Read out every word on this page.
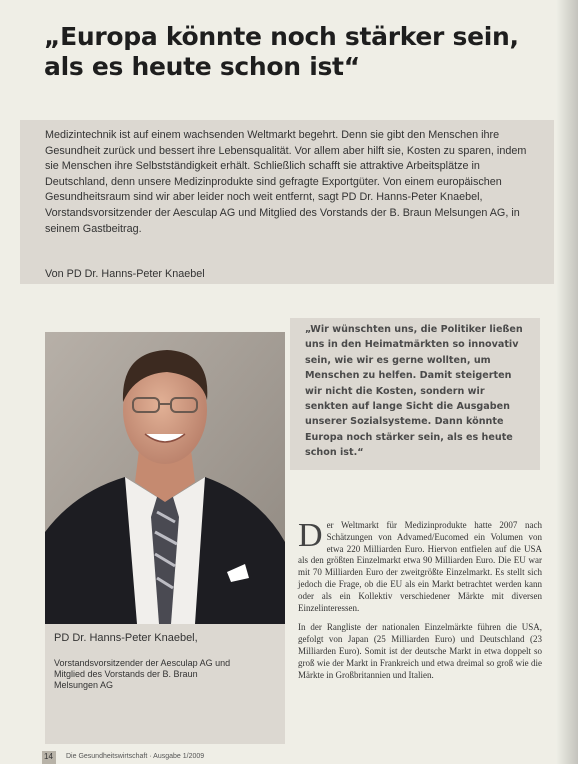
„Europa könnte noch stärker sein,
als es heute schon ist“

Medizintechnik ist auf einem wachsenden Weltmarkt begehrt. Denn sie gibt den Menschen ihre Gesundheit zurück und bessert ihre Lebensqualität. Vor allem aber hilft sie, Kosten zu sparen, indem sie Menschen ihre Selbstständigkeit erhält. Schließlich schafft sie attraktive Arbeitsplätze in Deutschland, denn unsere Medizinprodukte sind gefragte Exportgüter. Von einem europäischen Gesundheitsraum sind wir aber leider noch weit entfernt, sagt PD Dr. Hanns-Peter Knaebel, Vorstandsvorsitzender der Aesculap AG und Mitglied des Vorstands der B. Braun Melsungen AG, in seinem Gastbeitrag.

Von PD Dr. Hanns-Peter Knaebel
PD Dr. Hanns-Peter Knaebel,
Vorstandsvorsitzender der Aesculap AG und Mitglied des Vorstands der B. Braun Melsungen AG

„Wir wünschten uns, die Politiker ließen uns in den Heimatmärkten so innovativ sein, wie wir es gerne wollten, um Menschen zu helfen. Damit steigerten wir nicht die Kosten, sondern wir senkten auf lange Sicht die Ausgaben unserer Sozialsysteme. Dann könnte Europa noch stärker sein, als es heute schon ist.“

Der Weltmarkt für Medizinprodukte hatte 2007 nach Schätzungen von Advamed/Eucomed ein Volumen von etwa 220 Milliarden Euro. Hiervon entfielen auf die USA als den größten Einzelmarkt etwa 90 Milliarden Euro. Die EU war mit 70 Milliarden Euro der zweitgrößte Einzelmarkt. Es stellt sich jedoch die Frage, ob die EU als ein Markt betrachtet werden kann oder als ein Kollektiv verschiedener Märkte mit diversen Einzelinteressen.

In der Rangliste der nationalen Einzelmärkte führen die USA, gefolgt von Japan (25 Milliarden Euro) und Deutschland (23 Milliarden Euro). Somit ist der deutsche Markt in etwa doppelt so groß wie der Markt in Frankreich und etwa dreimal so groß wie die Märkte in Großbritannien und Italien.

14 Die Gesundheitswirtschaft · Ausgabe 1/2009
